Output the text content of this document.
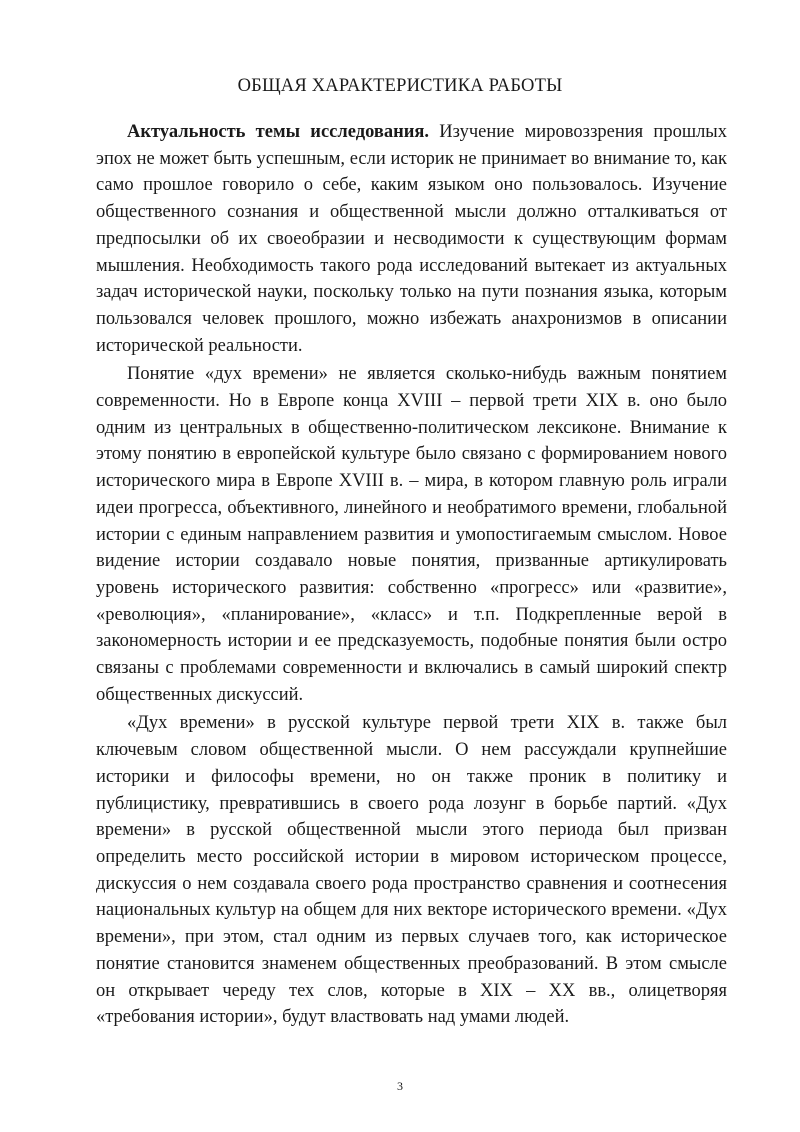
ОБЩАЯ ХАРАКТЕРИСТИКА РАБОТЫ

Актуальность темы исследования. Изучение мировоззрения прошлых эпох не может быть успешным, если историк не принимает во внимание то, как само прошлое говорило о себе, каким языком оно пользовалось. Изучение общественного сознания и общественной мысли должно отталкиваться от предпосылки об их своеобразии и несводимости к существующим формам мышления. Необходимость такого рода исследований вытекает из актуальных задач исторической науки, поскольку только на пути познания языка, которым пользовался человек прошлого, можно избежать анахронизмов в описании исторической реальности.

Понятие «дух времени» не является сколько-нибудь важным понятием современности. Но в Европе конца XVIII – первой трети XIX в. оно было одним из центральных в общественно-политическом лексиконе. Внимание к этому понятию в европейской культуре было связано с формированием нового исторического мира в Европе XVIII в. – мира, в котором главную роль играли идеи прогресса, объективного, линейного и необратимого времени, глобальной истории с единым направлением развития и умопостигаемым смыслом. Новое видение истории создавало новые понятия, призванные артикулировать уровень исторического развития: собственно «прогресс» или «развитие», «революция», «планирование», «класс» и т.п. Подкрепленные верой в закономерность истории и ее предсказуемость, подобные понятия были остро связаны с проблемами современности и включались в самый широкий спектр общественных дискуссий.

«Дух времени» в русской культуре первой трети XIX в. также был ключевым словом общественной мысли. О нем рассуждали крупнейшие историки и философы времени, но он также проник в политику и публицистику, превратившись в своего рода лозунг в борьбе партий. «Дух времени» в русской общественной мысли этого периода был призван определить место российской истории в мировом историческом процессе, дискуссия о нем создавала своего рода пространство сравнения и соотнесения национальных культур на общем для них векторе исторического времени. «Дух времени», при этом, стал одним из первых случаев того, как историческое понятие становится знаменем общественных преобразований. В этом смысле он открывает череду тех слов, которые в XIX – XX вв., олицетворяя «требования истории», будут властвовать над умами людей.

3
